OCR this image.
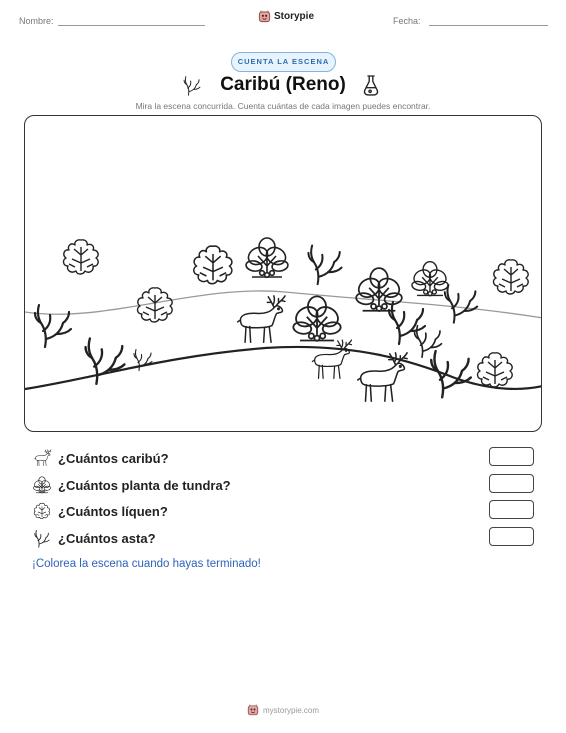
Nombre:	Storypie	Fecha:
CUENTA LA ESCENA
Caribú (Reno)
Mira la escena concurrida. Cuenta cuántas de cada imagen puedes encontrar.
¿Cuántos caribú?
¿Cuántos planta de tundra?
¿Cuántos líquen?
¿Cuántos asta?
¡Colorea la escena cuando hayas terminado!
mystorypie.com
